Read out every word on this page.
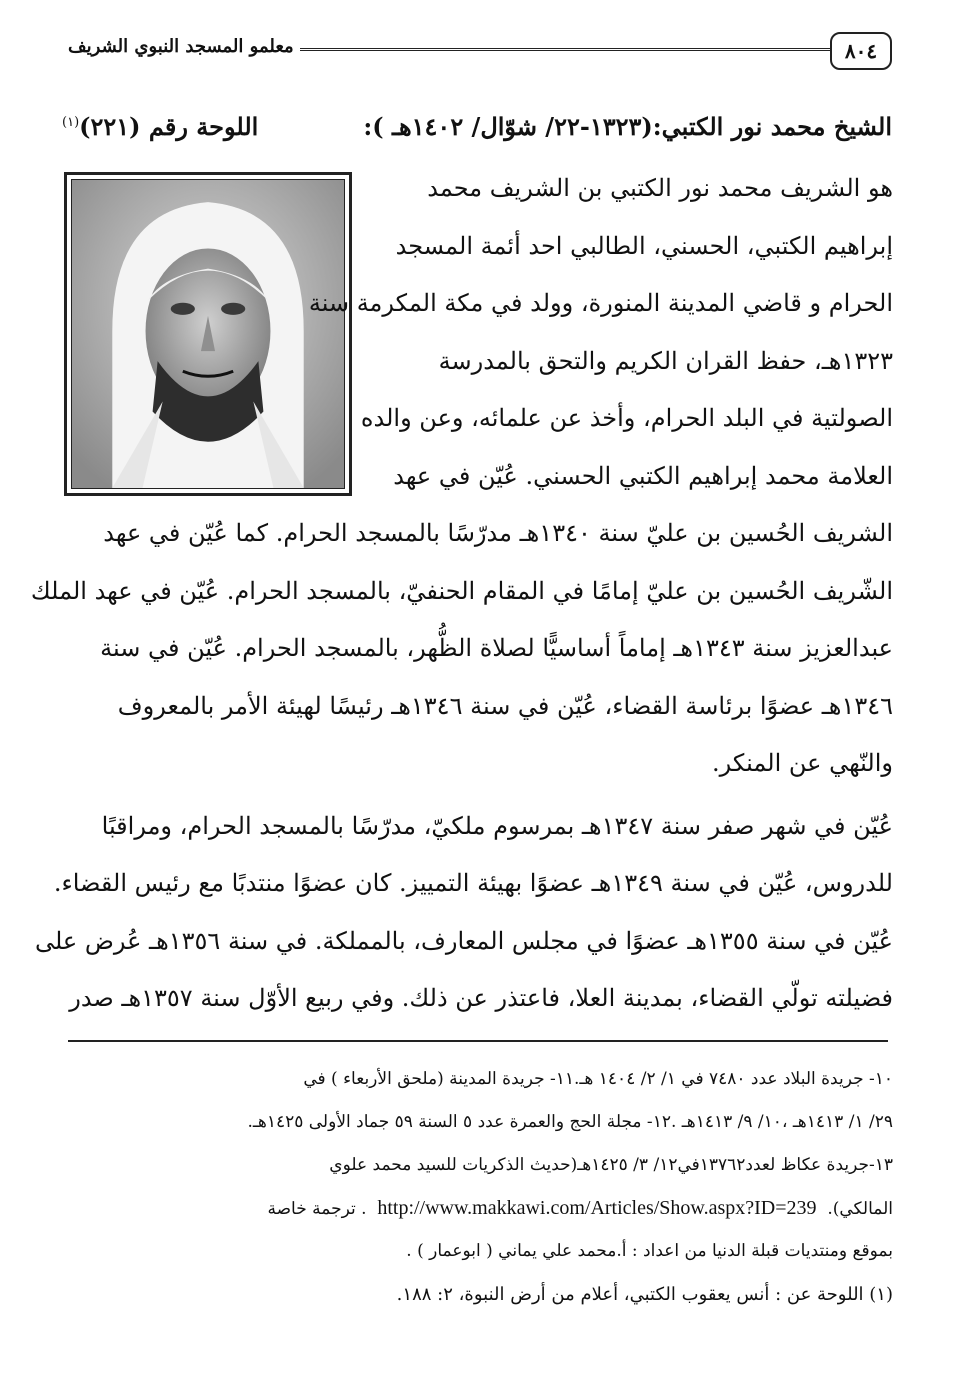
٨٠٤
معلمو المسجد النبوي الشريف
الشيخ محمد نور الكتبي:(١٣٢٣-٢٢/ شوّال/ ١٤٠٢هـ ):
اللوحة رقم (٢٢١)$^{(١)}$
هو الشريف محمد نور الكتبي بن الشريف محمد
إبراهيم الكتبي، الحسني، الطالبي احد أئمة المسجد
الحرام و قاضي المدينة المنورة، وولد في مكة المكرمة سنة
١٣٢٣هـ، حفظ القران الكريم والتحق بالمدرسة
الصولتية في البلد الحرام، وأخذ عن علمائه، وعن والده
العلامة محمد إبراهيم الكتبي الحسني. عُيّن في عهد
الشريف الحُسين بن عليّ سنة ١٣٤٠هـ مدرّسًا بالمسجد الحرام. كما عُيّن في عهد
الشّريف الحُسين بن عليّ إمامًا في المقام الحنفيّ، بالمسجد الحرام. عُيّن في عهد الملك
عبدالعزيز سنة ١٣٤٣هـ إماماً أساسيًّا لصلاة الظُّهر، بالمسجد الحرام. عُيّن في سنة
١٣٤٦هـ عضوًا برئاسة القضاء، عُيّن في سنة ١٣٤٦هـ رئيسًا لهيئة الأمر بالمعروف
والنّهي عن المنكر.
عُيّن في شهر صفر سنة ١٣٤٧هـ بمرسوم ملكيّ، مدرّسًا بالمسجد الحرام، ومراقبًا
للدروس، عُيّن في سنة ١٣٤٩هـ عضوًا بهيئة التمييز. كان عضوًا منتدبًا مع رئيس القضاء.
عُيّن في سنة ١٣٥٥هـ عضوًا في مجلس المعارف، بالمملكة. في سنة ١٣٥٦هـ عُرض على
فضيلته تولّي القضاء، بمدينة العلا، فاعتذر عن ذلك. وفي ربيع الأوّل سنة ١٣٥٧هـ صدر
١٠- جريدة البلاد عدد ٧٤٨٠ في ١/ ٢/ ١٤٠٤ هـ.١١- جريدة المدينة (ملحق الأربعاء ) في
٢٩/ ١/ ١٤١٣هـ ،١٠/ ٩/ ١٤١٣هـ .١٢- مجلة الحج والعمرة عدد ٥ السنة ٥٩ جماد الأولى ١٤٢٥هـ.
١٣-جريدة عكاظ لعدد١٣٧٦٢في١٢/ ٣/ ١٤٢٥هـ(حديث الذكريات للسيد محمد علوي
المالكي).  http://www.makkawi.com/Articles/Show.aspx?ID=239  . ترجمة خاصة
بموقع ومنتديات قبلة الدنيا من اعداد : أ.محمد علي يماني ( ابوعمار ) .
(١) اللوحة عن : أنس يعقوب الكتبي، أعلام من أرض النبوة، ٢: ١٨٨.
